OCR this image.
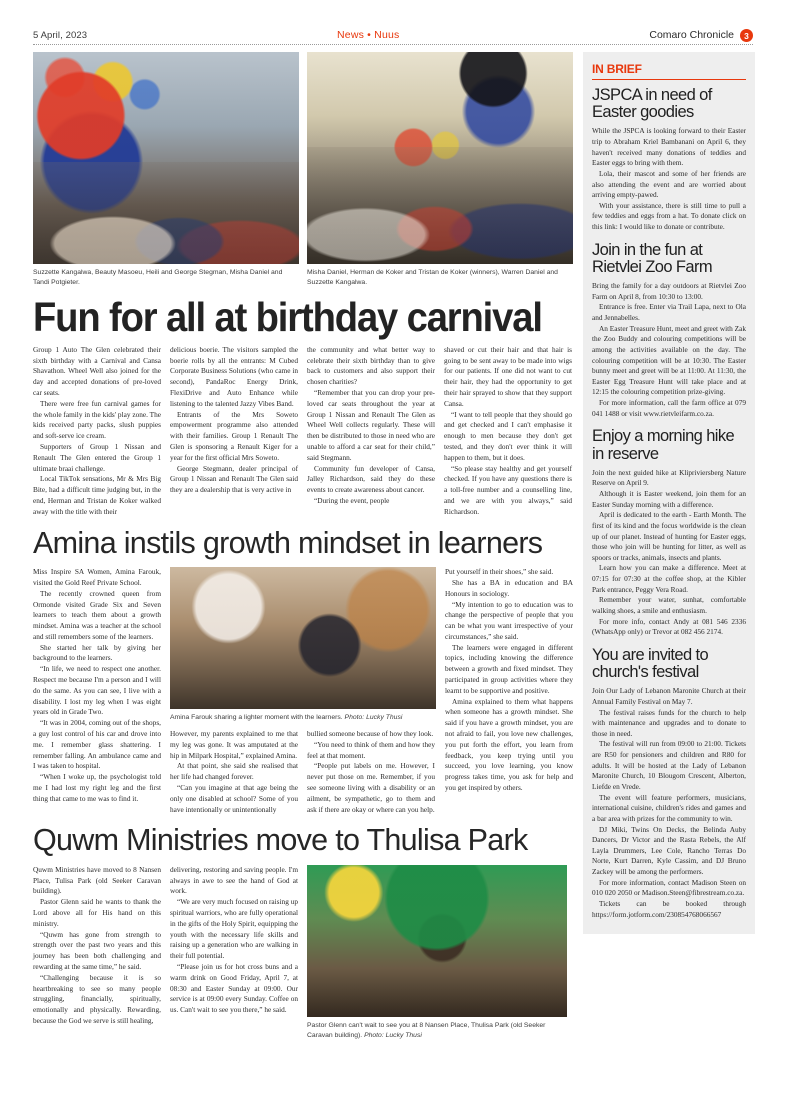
5 April, 2023	News • Nuus	Comaro Chronicle	3
Suzzette Kangalwa, Beauty Masoeu, Heili and George Stegman, Misha Daniel and Tandi Potgieter.
Misha Daniel, Herman de Koker and Tristan de Koker (winners), Warren Daniel and Suzzette Kangalwa.
Fun for all at birthday carnival

Group 1 Auto The Glen celebrated their sixth birthday with a Carnival and Cansa Shavathon. Wheel Well also joined for the day and accepted donations of pre-loved car seats.

There were free fun carnival games for the whole family in the kids' play zone. The kids received party packs, slush puppies and soft-serve ice cream.

Supporters of Group 1 Nissan and Renault The Glen entered the Group 1 ultimate braai challenge.

Local TikTok sensations, Mr & Mrs Big Bite, had a difficult time judging but, in the end, Herman and Tristan de Koker walked away with the title with their

delicious boerie. The visitors sampled the boerie rolls by all the entrants: M Cubed Corporate Business Solutions (who came in second), PandaRoc Energy Drink, FlexiDrive and Auto Enhance while listening to the talented Jazzy Vibes Band.

Entrants of the Mrs Soweto empowerment programme also attended with their families. Group 1 Renault The Glen is sponsoring a Renault Kiger for a year for the first official Mrs Soweto.

George Stegmann, dealer principal of Group 1 Nissan and Renault The Glen said they are a dealership that is very active in

the community and what better way to celebrate their sixth birthday than to give back to customers and also support their chosen charities?

“Remember that you can drop your pre-loved car seats throughout the year at Group 1 Nissan and Renault The Glen as Wheel Well collects regularly. These will then be distributed to those in need who are unable to afford a car seat for their child,” said Stegmann.

Community fun developer of Cansa, Jalley Richardson, said they do these events to create awareness about cancer.

“During the event, people

shaved or cut their hair and that hair is going to be sent away to be made into wigs for our patients. If one did not want to cut their hair, they had the opportunity to get their hair sprayed to show that they support Cansa.

“I want to tell people that they should go and get checked and I can't emphasise it enough to men because they don't get tested, and they don't ever think it will happen to them, but it does.

“So please stay healthy and get yourself checked. If you have any questions there is a toll-free number and a counselling line, and we are with you always,” said Richardson.

Amina instils growth mindset in learners

Miss Inspire SA Women, Amina Farouk, visited the Gold Reef Private School.

The recently crowned queen from Ormonde visited Grade Six and Seven learners to teach them about a growth mindset. Amina was a teacher at the school and still remembers some of the learners.

She started her talk by giving her background to the learners.

“In life, we need to respect one another. Respect me because I'm a person and I will do the same. As you can see, I live with a disability. I lost my leg when I was eight years old in Grade Two.

“It was in 2004, coming out of the shops, a guy lost control of his car and drove into me. I remember glass shattering. I remember falling. An ambulance came and I was taken to hospital.

“When I woke up, the psychologist told me I had lost my right leg and the first thing that came to me was to find it.

Amina Farouk sharing a lighter moment with the learners. Photo: Lucky Thusi

However, my parents explained to me that my leg was gone. It was amputated at the hip in Milpark Hospital,” explained Amina.

At that point, she said she realised that her life had changed forever.

“Can you imagine at that age being the only one disabled at school? Some of you have intentionally or unintentionally

bullied someone because of how they look.

“You need to think of them and how they feel at that moment.

“People put labels on me. However, I never put those on me. Remember, if you see someone living with a disability or an ailment, be sympathetic, go to them and ask if there are okay or where can you help.

Put yourself in their shoes,” she said.

She has a BA in education and BA Honours in sociology.

“My intention to go to education was to change the perspective of people that you can be what you want irrespective of your circumstances,” she said.

The learners were engaged in different topics, including knowing the difference between a growth and fixed mindset. They participated in group activities where they learnt to be supportive and positive.

Amina explained to them what happens when someone has a growth mindset. She said if you have a growth mindset, you are not afraid to fail, you love new challenges, you put forth the effort, you learn from feedback, you keep trying until you succeed, you love learning, you know progress takes time, you ask for help and you get inspired by others.

Quwm Ministries move to Thulisa Park

Quwm Ministries have moved to 8 Nansen Place, Tulisa Park (old Seeker Caravan building).

Pastor Glenn said he wants to thank the Lord above all for His hand on this ministry.

“Quwm has gone from strength to strength over the past two years and this journey has been both challenging and rewarding at the same time,” he said.

“Challenging because it is so heartbreaking to see so many people struggling, financially, spiritually, emotionally and physically. Rewarding, because the God we serve is still healing,

delivering, restoring and saving people. I'm always in awe to see the hand of God at work.

“We are very much focused on raising up spiritual warriors, who are fully operational in the gifts of the Holy Spirit, equipping the youth with the necessary life skills and raising up a generation who are walking in their full potential.

“Please join us for hot cross buns and a warm drink on Good Friday, April 7, at 08:30 and Easter Sunday at 09:00. Our service is at 09:00 every Sunday. Coffee on us. Can't wait to see you there,” he said.

Pastor Glenn can't wait to see you at 8 Nansen Place, Thulisa Park (old Seeker Caravan building). Photo: Lucky Thusi
IN BRIEF
JSPCA in need of Easter goodies

While the JSPCA is looking forward to their Easter trip to Abraham Kriel Bambanani on April 6, they haven't received many donations of teddies and Easter eggs to bring with them.

Lola, their mascot and some of her friends are also attending the event and are worried about arriving empty-pawed.

With your assistance, there is still time to pull a few teddies and eggs from a hat. To donate click on this link: I would like to donate or contribute.

Join in the fun at Rietvlei Zoo Farm

Bring the family for a day outdoors at Rietvlei Zoo Farm on April 8, from 10:30 to 13:00.

Entrance is free. Enter via Trail Lapa, next to Ola and Jennabelles.

An Easter Treasure Hunt, meet and greet with Zak the Zoo Buddy and colouring competitions will be among the activities available on the day. The colouring competition will be at 10:30. The Easter bunny meet and greet will be at 11:00. At 11:30, the Easter Egg Treasure Hunt will take place and at 12:15 the colouring competition prize-giving.

For more information, call the farm office at 079 041 1488 or visit www.rietvleifarm.co.za.

Enjoy a morning hike in reserve

Join the next guided hike at Klipriviersberg Nature Reserve on April 9.

Although it is Easter weekend, join them for an Easter Sunday morning with a difference.

April is dedicated to the earth - Earth Month. The first of its kind and the focus worldwide is the clean up of our planet. Instead of hunting for Easter eggs, those who join will be hunting for litter, as well as spoors or tracks, animals, insects and plants.

Learn how you can make a difference. Meet at 07:15 for 07:30 at the coffee shop, at the Kibler Park entrance, Peggy Vera Road.

Remember your water, sunhat, comfortable walking shoes, a smile and enthusiasm.

For more info, contact Andy at 081 546 2336 (WhatsApp only) or Trevor at 082 456 2174.

You are invited to church's festival

Join Our Lady of Lebanon Maronite Church at their Annual Family Festival on May 7.

The festival raises funds for the church to help with maintenance and upgrades and to donate to those in need.

The festival will run from 09:00 to 21:00. Tickets are R50 for pensioners and children and R80 for adults. It will be hosted at the Lady of Lebanon Maronite Church, 10 Blougom Crescent, Alberton, Liefde en Vrede.

The event will feature performers, musicians, international cuisine, children's rides and games and a bar area with prizes for the community to win.

DJ Miki, Twins On Decks, the Belinda Auby Dancers, Dr Victor and the Rasta Rebels, the Alf Layla Drummers, Lee Cole, Rancho Terras Do Norte, Kurt Darren, Kyle Cassim, and DJ Bruno Zackey will be among the performers.

For more information, contact Madison Steen on 010 020 2050 or Madison.Steen@fibrestream.co.za.

Tickets can be booked through https://form.jotform.com/230854768066567
